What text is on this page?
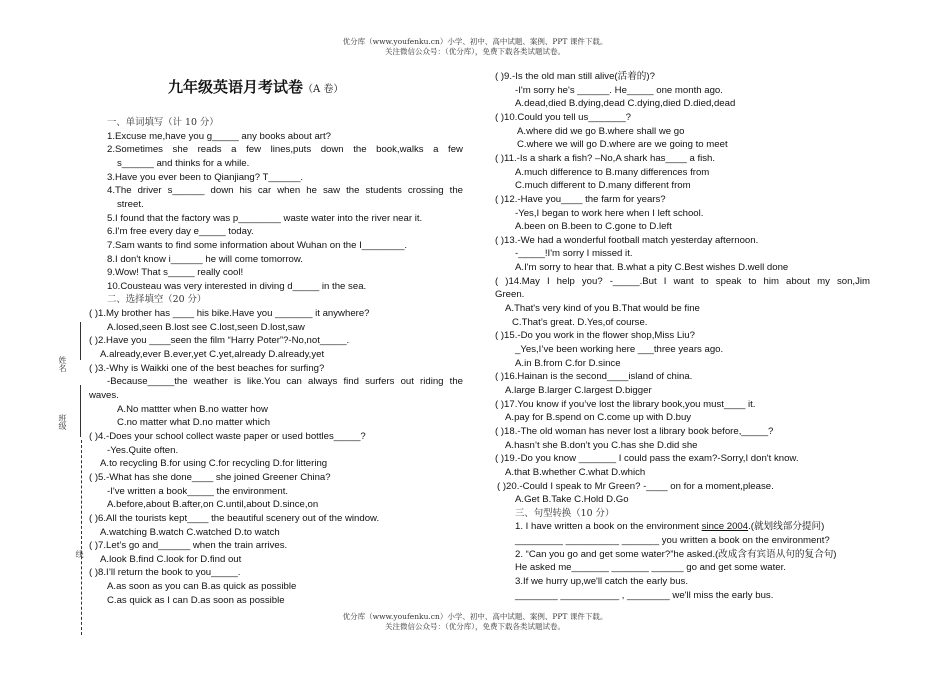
优分库（www.youfenku.cn）小学、初中、高中试题、案例、PPT 课件下载。
关注微信公众号：（优分库），免费下载各类试题试卷。
九年级英语月考试卷（A 卷）
姓名
班级
线
一、单词填写（计 10 分）
1.Excuse me,have you g_____ any books about art?
2.Sometimes she reads a few lines,puts down the book,walks a few
s______ and thinks for a while.
3.Have you ever been to Qianjiang? T______.
4.The driver s______ down his car when he saw the students crossing the
street.
5.I found that the factory was p________ waste water into the river near it.
6.I'm free every day e_____ today.
7.Sam wants to find some information about Wuhan on the I________.
8.I don't know i______ he will come tomorrow.
9.Wow! That s_____ really cool!
10.Cousteau was very interested in diving d_____ in the sea.
二、选择填空（20 分）
( )1.My brother has ____ his bike.Have you _______ it anywhere?
A.losed,seen B.lost see C.lost,seen D.lost,saw
( )2.Have you ____seen the film “Harry Poter”?-No,not_____.
A.already,ever B.ever,yet C.yet,already D.already,yet
( )3.-Why is Waikki one of the best beaches for surfing?
-Because_____the weather is like.You can always find surfers out riding the
waves.
A.No mattter when B.no watter how
C.no matter what D.no matter which
( )4.-Does your school collect waste paper or used bottles_____?
-Yes.Quite often.
A.to recycling B.for using C.for recycling D.for littering
( )5.-What has she done____ she joined Greener China?
-I've written a book_____ the environment.
A.before,about B.after,on C.until,about D.since,on
( )6.All the tourists kept____ the beautiful scenery out of the window.
A.watching B.watch C.watched D.to watch
( )7.Let’s go and______ when the train arrives.
A.look B.find C.look for D.find out
( )8.I’ll return the book to you_____.
A.as soon as you can B.as quick as possible
C.as quick as I can D.as soon as possible
( )9.-Is the old man still alive(活着的)?
-I'm sorry he's ______. He_____ one month ago.
A.dead,died B.dying,dead C.dying,died D.died,dead
( )10.Could you tell us_______?
A.where did we go B.where shall we go
C.where we will go D.where are we going to meet
( )11.-Is a shark a fish? –No,A shark has____ a fish.
A.much difference to B.many differences from
C.much different to D.many different from
( )12.-Have you____ the farm for years?
-Yes,I began to work here when I left school.
A.been on B.been to C.gone to D.left
( )13.-We had a wonderful football match yesterday afternoon.
-_____!I'm sorry I missed it.
A.I'm sorry to hear that. B.what a pity C.Best wishes D.well done
( )14.May I help you? -_____.But I want to speak to him about my son,Jim
Green.
A.That's very kind of you B.That would be fine
C.That’s great. D.Yes,of course.
( )15.-Do you work in the flower shop,Miss Liu?
_Yes,I’ve been working here ___three years ago.
A.in B.from C.for D.since
( )16.Hainan is the second____island of china.
A.large B.larger C.largest D.bigger
( )17.You know if you’ve lost the library book,you must____ it.
A.pay for B.spend on C.come up with D.buy
( )18.-The old woman has never lost a library book before,_____?
A.hasn’t she B.don’t you C.has she D.did she
( )19.-Do you know _______ I could pass the exam?-Sorry,I don't know.
A.that B.whether C.what D.which
( )20.-Could I speak to Mr Green? -____ on for a moment,please.
A.Get B.Take C.Hold D.Go
三、句型转换（10 分）
1. I have written a book on the environment since 2004.(就划线部分提问)
_________ __________ _______ you written a book on the environment?
2. “Can you go and get some water?”he asked.(改成含有宾语从句的复合句)
He asked me_______ _______ ______ go and get some water.
3.If we hurry up,we'll catch the early bus.
________ ___________ , ________ we'll miss the early bus.
优分库（www.youfenku.cn）小学、初中、高中试题、案例、PPT 课件下载。
关注微信公众号：（优分库），免费下载各类试题试卷。
